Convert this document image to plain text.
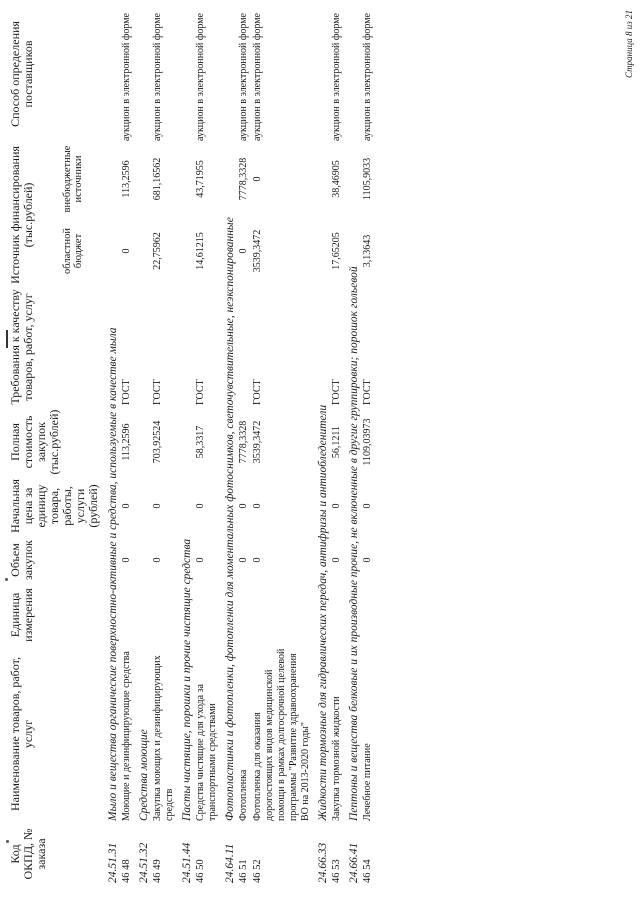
Код ОКПД, № заказа	Наименование товаров, работ, услуг	Единица измерения	Объем закупок	Начальная цена за единицу товара, работы, услуги (рублей)	Полная стоимость закупок (тыс.рублей)	Требования к качеству товаров, работ, услуг	Источник финансирования (тыс.рублей)		Способ определения поставщиков
							областной бюджет	внебюджетные источники	
24.51.31	Мыло и вещества органические поверхностно-активные и средства, используемые в качестве мыла								
46 48	Моющие и дезинфицирующие средства		0	0	113,2596	ГОСТ	0	113,2596	аукцион в электронной форме
24.51.32	Средства моющие								
46 49	Закупка моющих и дезинфицирующих средств		0	0	703,92524	ГОСТ	22,75962	681,16562	аукцион в электронной форме
24.51.44	Пасты чистящие, порошки и прочие чистящие средства								
46 50	Средства чистящие для ухода за транспортными средствами		0	0	58,3317	ГОСТ	14,61215	43,71955	аукцион в электронной форме
24.64.11	Фотопластинки и фотопленки, фотопленки для моментальных фотоснимков, светочувствительные, неэкспонированные								
46 51	Фотопленка		0	0	7778,3328		0	7778,3328	аукцион в электронной форме
46 52	Фотопленка для оказания дорогостоящих видов медицинской помощи в рамках долгосрочной целевой программы "Развитие здравоохранения ВО на 2013-2020 годы"		0	0	3539,3472	ГОСТ	3539,3472	0	аукцион в электронной форме
24.66.33	Жидкости тормозные для гидравлических передач, антифризы и антиобледенители								
46 53	Закупка тормозной жидкости		0	0	56,1211	ГОСТ	17,65205	38,46905	аукцион в электронной форме
24.66.41	Пептоны и вещества белковые и их производные прочие, не включенные в другие группировки; порошок гольевой								
46 54	Лечебное питание		0	0	1109,03973	ГОСТ	3,13643	1105,9033	аукцион в электронной форме	Страница 8 из 21
